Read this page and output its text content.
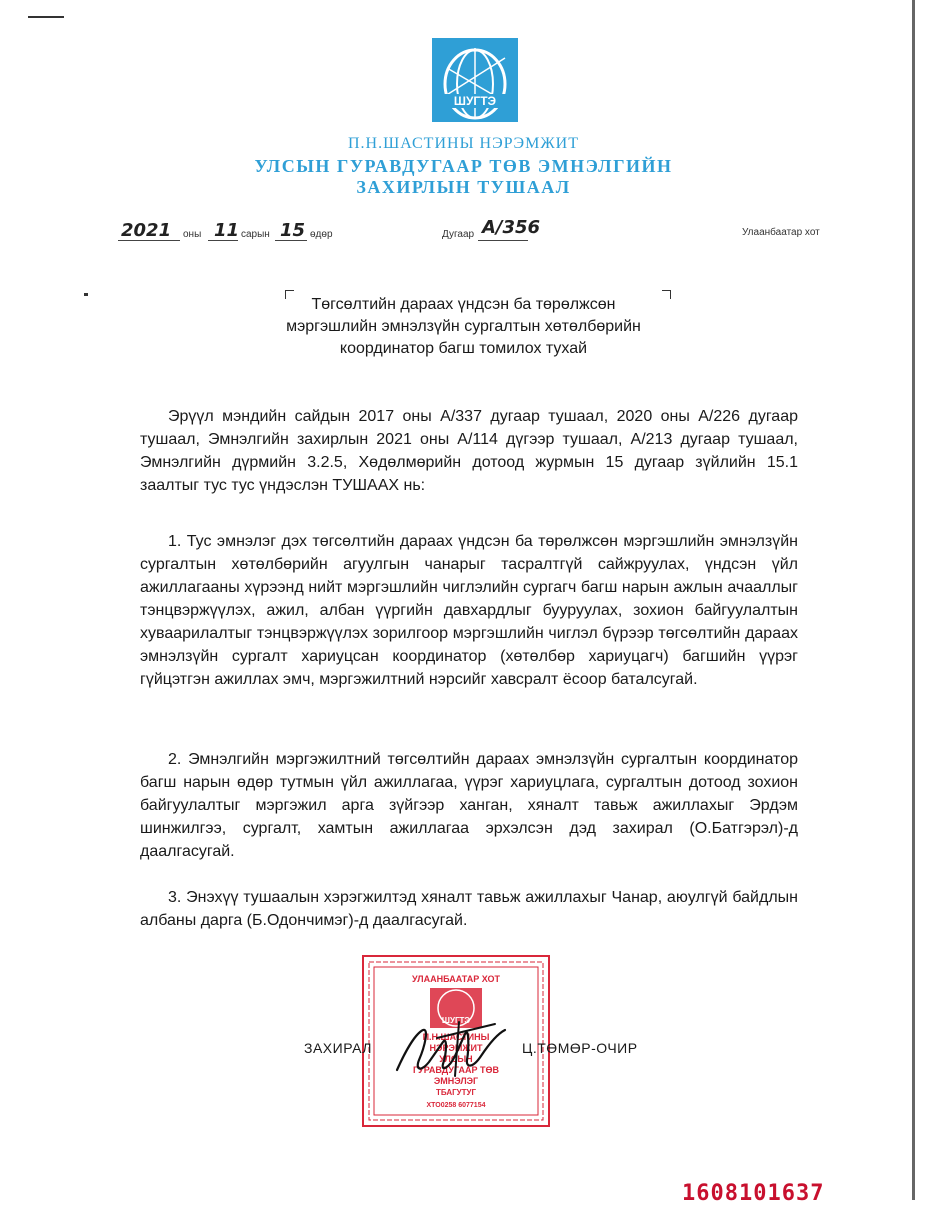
ШУГТЭ
П.Н.ШАСТИНЫ НЭРЭМЖИТ
УЛСЫН ГУРАВДУГААР ТӨВ ЭМНЭЛГИЙН
ЗАХИРЛЫН ТУШААЛ
2021 оны 11 сарын 15 өдөр	Дугаар А/356	Улаанбаатар хот
Төгсөлтийн дараах үндсэн ба төрөлжсөн
мэргэшлийн эмнэлзүйн сургалтын хөтөлбөрийн
координатор багш томилох тухай
Эрүүл мэндийн сайдын 2017 оны А/337 дугаар тушаал, 2020 оны А/226 дугаар тушаал, Эмнэлгийн захирлын 2021 оны А/114 дүгээр тушаал, А/213 дугаар тушаал, Эмнэлгийн дүрмийн 3.2.5, Хөдөлмөрийн дотоод журмын 15 дугаар зүйлийн 15.1 заалтыг тус тус үндэслэн ТУШААХ нь:
1. Тус эмнэлэг дэх төгсөлтийн дараах үндсэн ба төрөлжсөн мэргэшлийн эмнэлзүйн сургалтын хөтөлбөрийн агуулгын чанарыг тасралтгүй сайжруулах, үндсэн үйл ажиллагааны хүрээнд нийт мэргэшлийн чиглэлийн сургагч багш нарын ажлын ачааллыг тэнцвэржүүлэх, ажил, албан үүргийн давхардлыг бууруулах, зохион байгуулалтын хуваарилалтыг тэнцвэржүүлэх зорилгоор мэргэшлийн чиглэл бүрээр төгсөлтийн дараах эмнэлзүйн сургалт хариуцсан координатор (хөтөлбөр хариуцагч) багшийн үүрэг гүйцэтгэн ажиллах эмч, мэргэжилтний нэрсийг хавсралт ёсоор баталсугай.
2. Эмнэлгийн мэргэжилтний төгсөлтийн дараах эмнэлзүйн сургалтын координатор багш нарын өдөр тутмын үйл ажиллагаа, үүрэг хариуцлага, сургалтын дотоод зохион байгуулалтыг мэргэжил арга зүйгээр ханган, хяналт тавьж ажиллахыг Эрдэм шинжилгээ, сургалт, хамтын ажиллагаа эрхэлсэн дэд захирал (О.Батгэрэл)-д даалгасугай.
3. Энэхүү тушаалын хэрэгжилтэд хяналт тавьж ажиллахыг Чанар, аюулгүй байдлын албаны дарга (Б.Одончимэг)-д даалгасугай.
УЛААНБААТАР ХОТ
ШУГТЭ
П.Н.ШАСТИНЫ
НЭРЭМЖИТ
УЛСЫН
ГУРАВДУГААР ТӨВ
ЭМНЭЛЭГ
ТБАГУТУГ
ХТО0258 6077154
ЗАХИРАЛ	Ц.ТӨМӨР-ОЧИР
1608101637
